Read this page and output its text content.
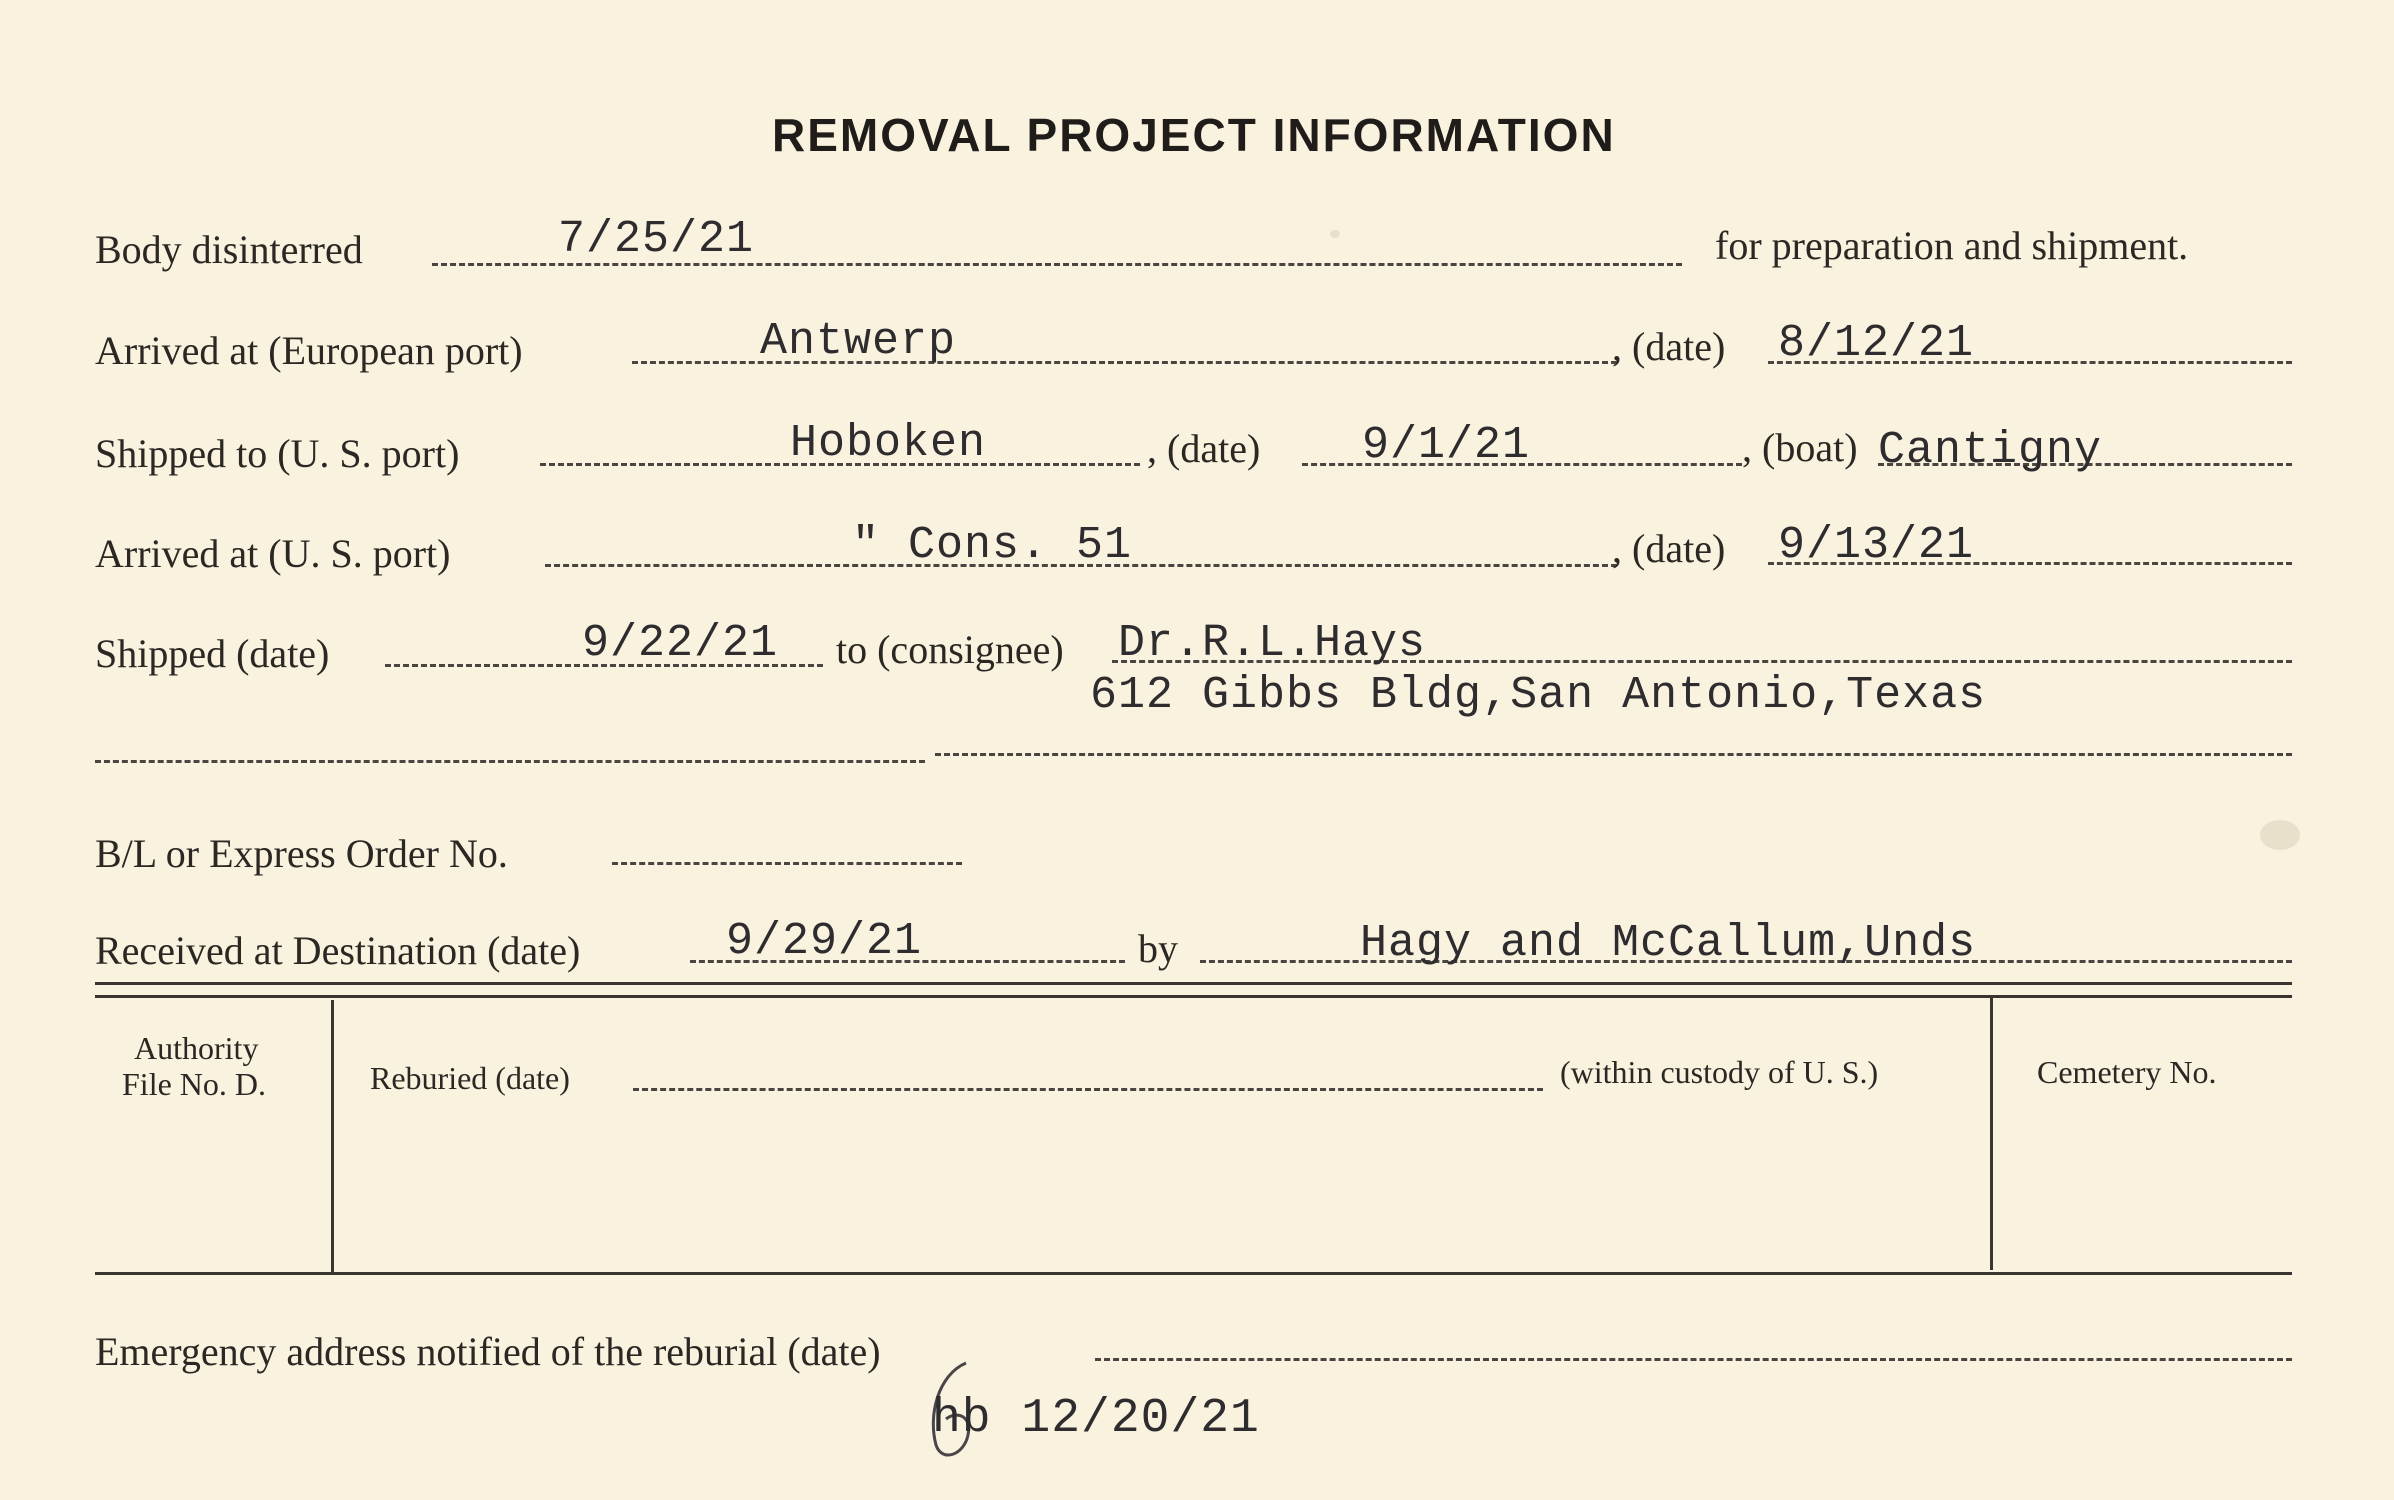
REMOVAL PROJECT INFORMATION
Body disinterred	7/25/21	for preparation and shipment.
Arrived at (European port)	Antwerp	, (date) 8/12/21
Shipped to (U. S. port)	Hoboken	, (date) 9/1/21	, (boat) Cantigny
Arrived at (U. S. port)	" Cons. 51	, (date) 9/13/21
Shipped (date)	9/22/21 to (consignee) Dr.R.L.Hays
612 Gibbs Bldg,San Antonio,Texas
B/L or Express Order No.
Received at Destination (date)	9/29/21	by	Hagy and McCallum,Unds
Authority
File No. D.	Reburied (date)	(within custody of U. S.)	Cemetery No.
Emergency address notified of the reburial (date)
hb 12/20/21
